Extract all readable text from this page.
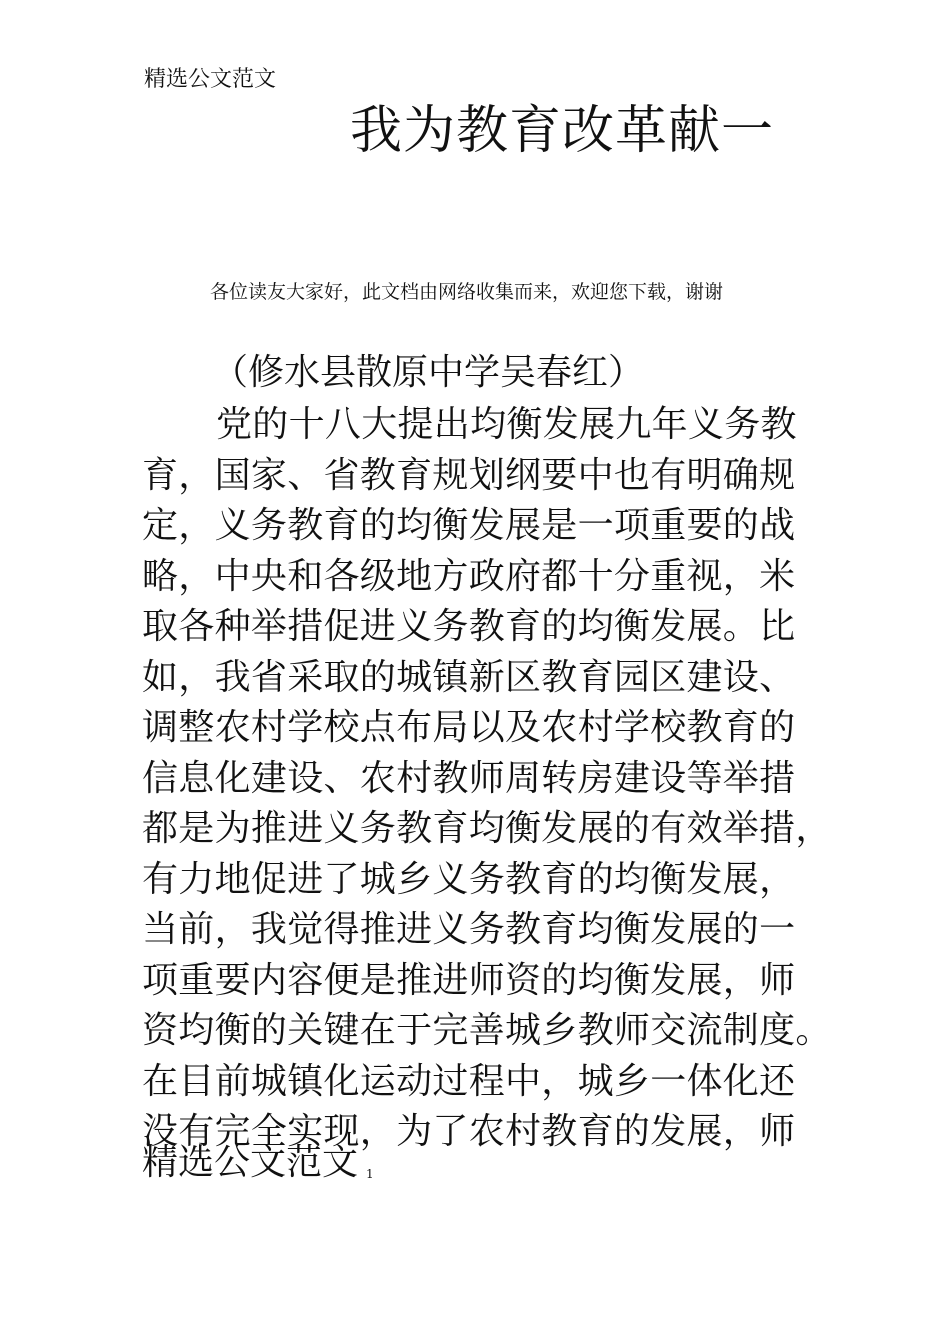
精选公文范文
我为教育改革献一
各位读友大家好，此文档由网络收集而来，欢迎您下载，谢谢
（修水县散原中学吴春红）
党的十八大提出均衡发展九年义务教
育，国家、省教育规划纲要中也有明确规
定，义务教育的均衡发展是一项重要的战
略，中央和各级地方政府都十分重视，米
取各种举措促进义务教育的均衡发展。比
如，我省采取的城镇新区教育园区建设、
调整农村学校点布局以及农村学校教育的
信息化建设、农村教师周转房建设等举措
都是为推进义务教育均衡发展的有效举措，
有力地促进了城乡义务教育的均衡发展，
当前，我觉得推进义务教育均衡发展的一
项重要内容便是推进师资的均衡发展，师
资均衡的关键在于完善城乡教师交流制度。
在目前城镇化运动过程中，城乡一体化还
没有完全实现，为了农村教育的发展，师
精选公文范文 $_1$
